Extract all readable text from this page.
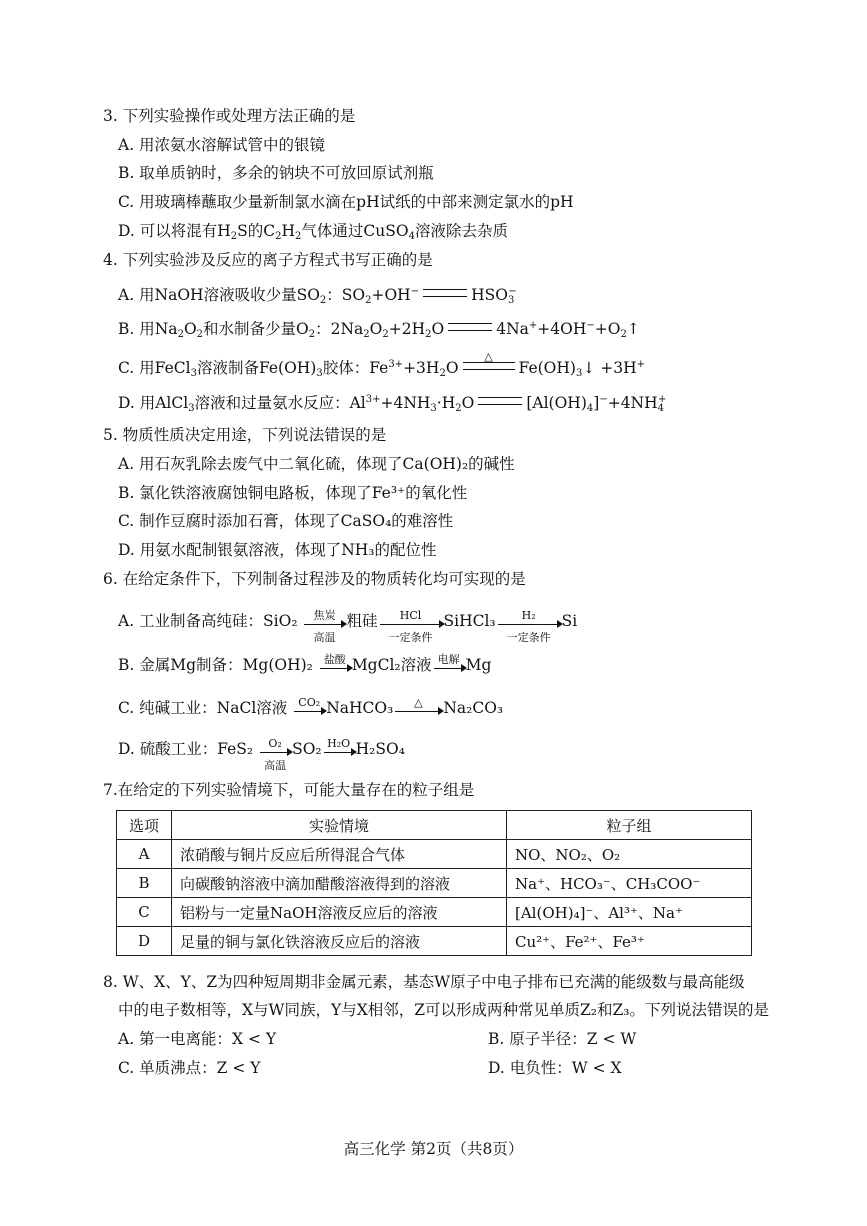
3. 下列实验操作或处理方法正确的是
A. 用浓氨水溶解试管中的银镜
B. 取单质钠时，多余的钠块不可放回原试剂瓶
C. 用玻璃棒蘸取少量新制氯水滴在pH试纸的中部来测定氯水的pH
D. 可以将混有$H_2S$的$C_2H_2$气体通过CuSO$_4$溶液除去杂质
4. 下列实验涉及反应的离子方程式书写正确的是
A. 用NaOH溶液吸收少量$SO_2$：$SO_2+OH^-$	$HSO_3^-$
B. 用$Na_2O_2$和水制备少量$O_2$：$2Na_2O_2+2H_2O$	$4Na^++4OH^-+O_2↑$
C. 用FeCl$_3$溶液制备$Fe(OH)_3$胶体：$Fe^{3+}+3H_2O$
△
$Fe(OH)_3↓ +3H^+$
D. 用AlCl$_3$溶液和过量氨水反应：$Al^{3+}+4NH_3\cdot H_2O$	$[Al(OH)_4]^-+4NH_4^+$
5. 物质性质决定用途，下列说法错误的是
A. 用石灰乳除去废气中二氧化硫，体现了Ca(OH)₂的碱性
B. 氯化铁溶液腐蚀铜电路板，体现了Fe³⁺的氧化性
C. 制作豆腐时添加石膏，体现了CaSO₄的难溶性
D. 用氨水配制银氨溶液，体现了NH₃的配位性
6. 在给定条件下，下列制备过程涉及的物质转化均可实现的是
A. 工业制备高纯硅：SiO₂	焦炭
高温
粗硅	HCl
一定条件
SiHCl₃	H₂
一定条件
Si
B. 金属Mg制备：Mg(OH)₂ 盐酸 MgCl₂溶液 电解 Mg
C. 纯碱工业：NaCl溶液	CO₂ NaHCO₃	△	Na₂CO₃
D. 硫酸工业：FeS₂	O₂
高温
SO₂ H₂O H₂SO₄
7.在给定的下列实验情境下，可能大量存在的粒子组是
选项	实验情境	粒子组
A	浓硝酸与铜片反应后所得混合气体	NO、NO₂、O₂
B	向碳酸钠溶液中滴加醋酸溶液得到的溶液	Na⁺、HCO₃⁻、CH₃COO⁻
C	铝粉与一定量NaOH溶液反应后的溶液	[Al(OH)₄]⁻、Al³⁺、Na⁺
D	足量的铜与氯化铁溶液反应后的溶液	Cu²⁺、Fe²⁺、Fe³⁺
8. W、X、Y、Z为四种短周期非金属元素，基态W原子中电子排布已充满的能级数与最高能级
中的电子数相等，X与W同族，Y与X相邻，Z可以形成两种常见单质Z₂和Z₃。下列说法错误的是
A. 第一电离能：X < Y	B. 原子半径：Z < W
C. 单质沸点：Z < Y	D. 电负性：W < X
高三化学 第2页（共8页）
